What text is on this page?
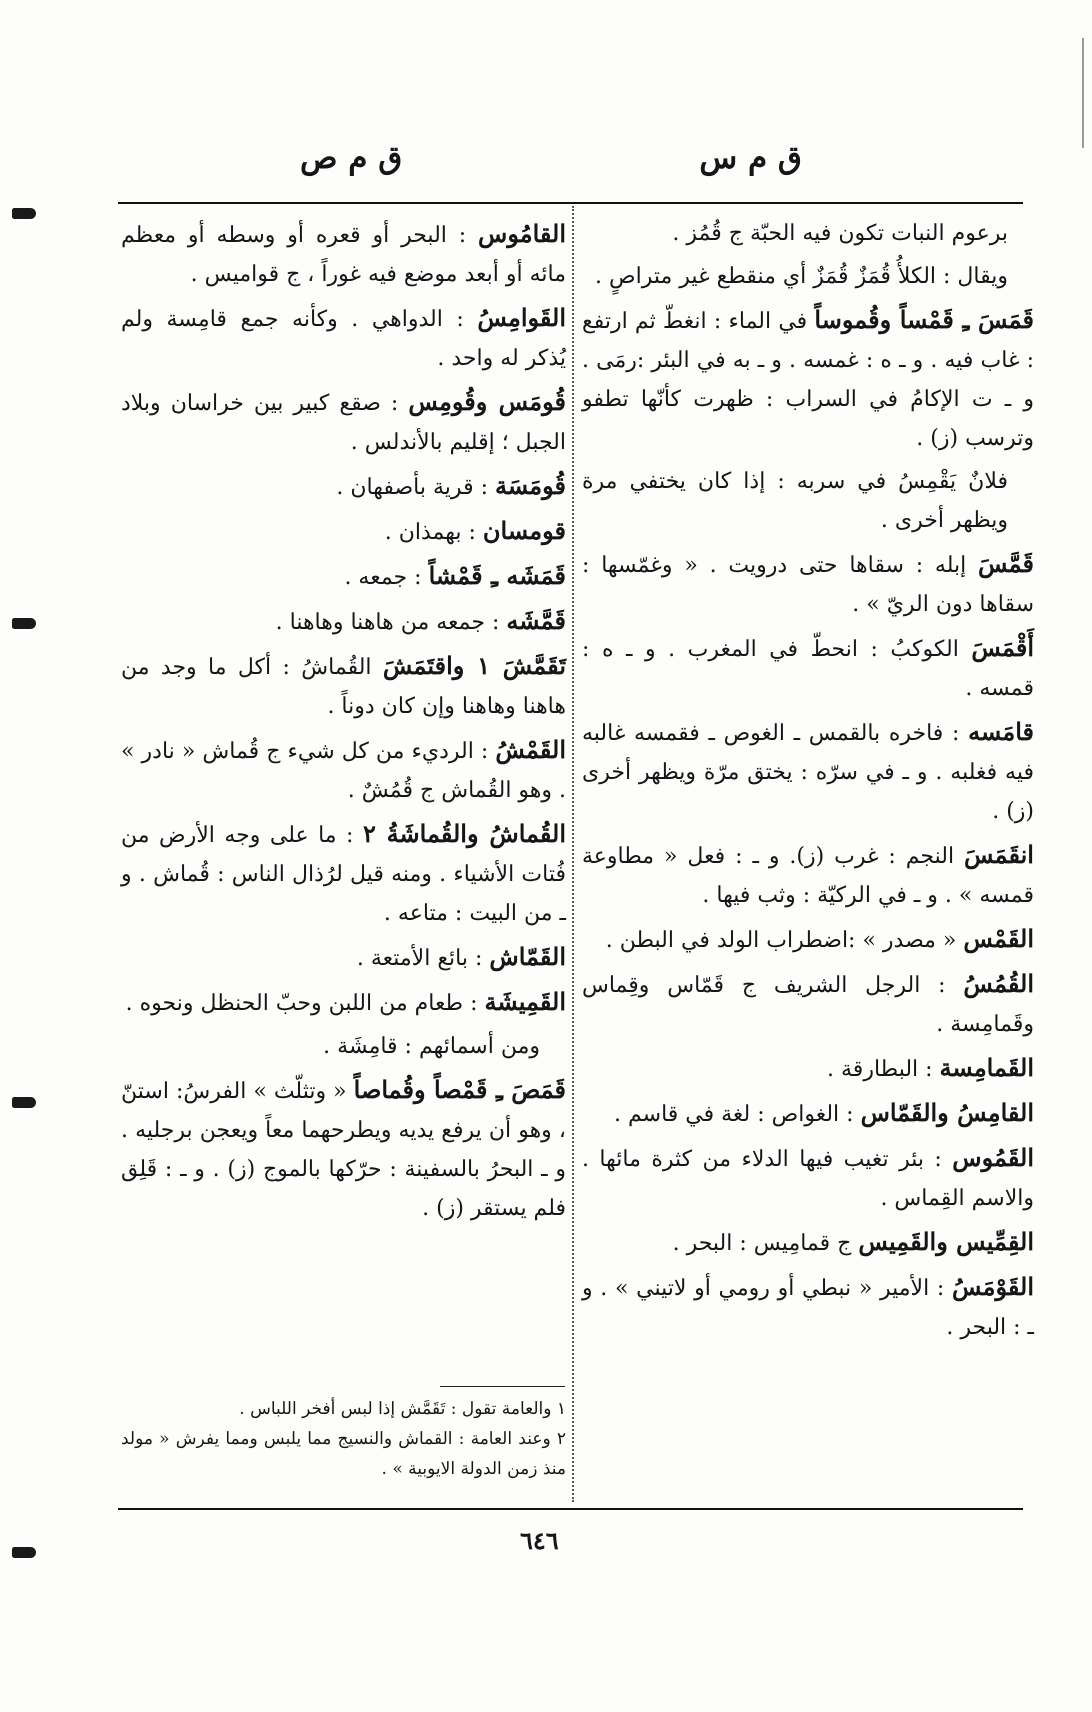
ق م س
ق م ص

برعوم النبات تكون فيه الحبّة ج قُمُز .

ويقال : الكلأُ قُمَزٌ قُمَزٌ أي منقطع غير متراصٍ .

قَمَسَ ـِ قَمْساً وقُموساً في الماء : انغطّ ثم ارتفع : غاب فيه . و ـ ه : غمسه . و ـ به في البئر :رمَى . و ـ ت الإكامُ في السراب : ظهرت كأنّها تطفو وترسب (ز) .

فلانٌ يَقْمِسُ في سربه : إذا كان يختفي مرة ويظهر أخرى .

قَمَّسَ إبله : سقاها حتى درويت . « وغمّسها : سقاها دون الريّ » .

أَقْمَسَ الكوكبُ : انحطّ في المغرب . و ـ ه : قمسه .

قامَسه : فاخره بالقمس ـ الغوص ـ فقمسه غالبه فيه فغلبه . و ـ في سرّه : يختق مرّة ويظهر أخرى (ز) .

انقَمَسَ النجم : غرب (ز). و ـ : فعل « مطاوعة قمسه » . و ـ في الركيّة : وثب فيها .

القَمْس « مصدر » :اضطراب الولد في البطن .

القُمُسُ : الرجل الشريف ج قَمّاس وقِماس وقَمامِسة .

القَمامِسة : البطارقة .

القامِسُ والقَمّاس : الغواص : لغة في قاسم .

القَمُوس : بئر تغيب فيها الدلاء من كثرة مائها . والاسم القِماس .

القِمِّيس والقَمِيس ج قمامِيس : البحر .

القَوْمَسُ : الأمير « نبطي أو رومي أو لاتيني » . و ـ : البحر .

القامُوس : البحر أو قعره أو وسطه أو معظم مائه أو أبعد موضع فيه غوراً ، ج قواميس .

القَوامِسُ : الدواهي . وكأنه جمع قامِسة ولم يُذكر له واحد .

قُومَس وقُومِس : صقع كبير بين خراسان وبلاد الجبل ؛ إقليم بالأندلس .

قُومَسَة : قرية بأصفهان .

قومسان : بهمذان .

قَمَشَه ـِ قَمْشاً : جمعه .

قَمَّشَه : جمعه من هاهنا وهاهنا .

تَقَمَّشَ ١ واقتَمَشَ القُماشُ : أكل ما وجد من هاهنا وهاهنا وإن كان دوناً .

القَمْشُ : الرديء من كل شيء ج قُماش « نادر » . وهو القُماش ج قُمُشٌ .

القُماشُ والقُماشَةُ ٢ : ما على وجه الأرض من فُتات الأشياء . ومنه قيل لرُذال الناس : قُماش . و ـ من البيت : متاعه .

القَمّاش : بائع الأمتعة .

القَمِيشَة : طعام من اللبن وحبّ الحنظل ونحوه .

ومن أسمائهم : قامِشَة .

قَمَصَ ـِ قَمْصاً وقُماصاً « وتثلّث » الفرسُ: استنّ ، وهو أن يرفع يديه ويطرحهما معاً ويعجن برجليه . و ـ البحرُ بالسفينة : حرّكها بالموج (ز) . و ـ : قَلِق فلم يستقر (ز) .

١ والعامة تقول : تَقَمَّش إذا لبس أفخر اللباس .

٢ وعند العامة : القماش والنسيج مما يلبس ومما يفرش « مولد منذ زمن الدولة الايوبية » .

٦٤٦
